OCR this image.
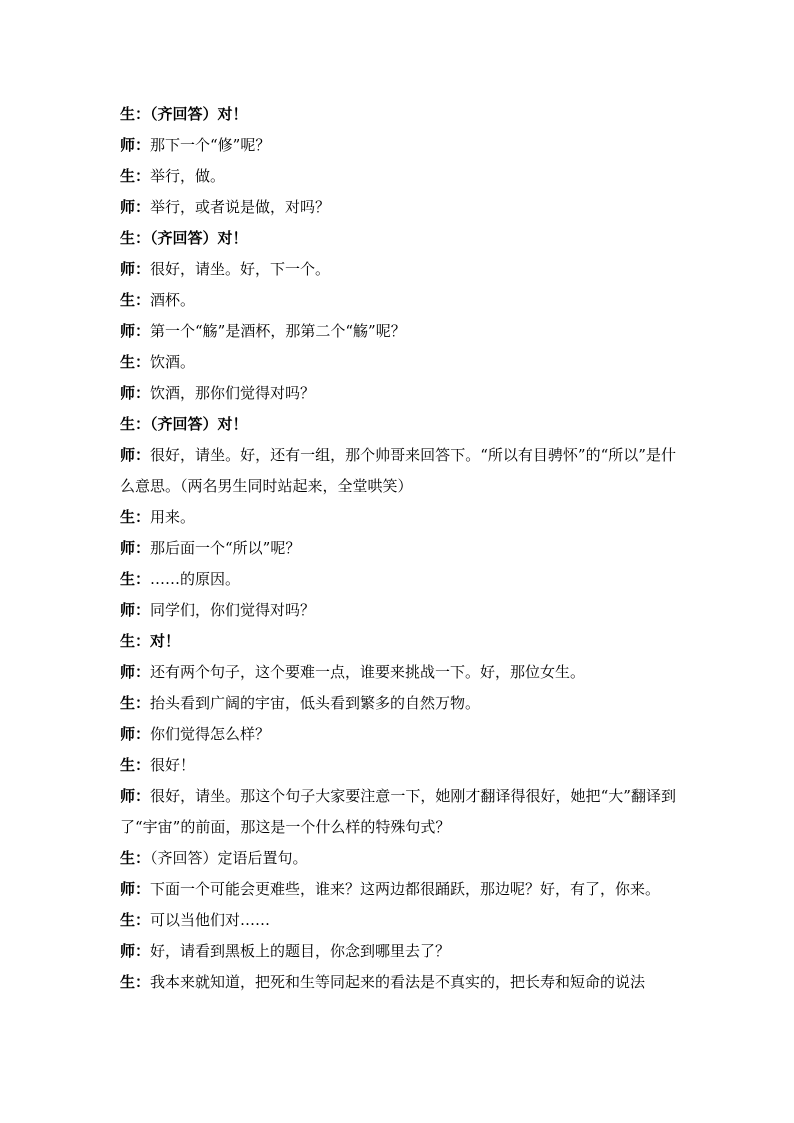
生：（齐回答）对！
师：那下一个“修”呢？
生：举行，做。
师：举行，或者说是做，对吗？
生：（齐回答）对！
师：很好，请坐。好，下一个。
生：酒杯。
师：第一个“觞”是酒杯，那第二个“觞”呢？
生：饮酒。
师：饮酒，那你们觉得对吗？
生：（齐回答）对！
师：很好，请坐。好，还有一组，那个帅哥来回答下。“所以有目骋怀”的“所以”是什么意思。（两名男生同时站起来，全堂哄笑）
生：用来。
师：那后面一个“所以”呢？
生：……的原因。
师：同学们，你们觉得对吗？
生：对！
师：还有两个句子，这个要难一点，谁要来挑战一下。好，那位女生。
生：抬头看到广阔的宇宙，低头看到繁多的自然万物。
师：你们觉得怎么样？
生：很好！
师：很好，请坐。那这个句子大家要注意一下，她刚才翻译得很好，她把“大”翻译到了“宇宙”的前面，那这是一个什么样的特殊句式？
生：（齐回答）定语后置句。
师：下面一个可能会更难些，谁来？这两边都很踊跃，那边呢？好，有了，你来。
生：可以当他们对……
师：好，请看到黑板上的题目，你念到哪里去了？
生：我本来就知道，把死和生等同起来的看法是不真实的，把长寿和短命的说法
